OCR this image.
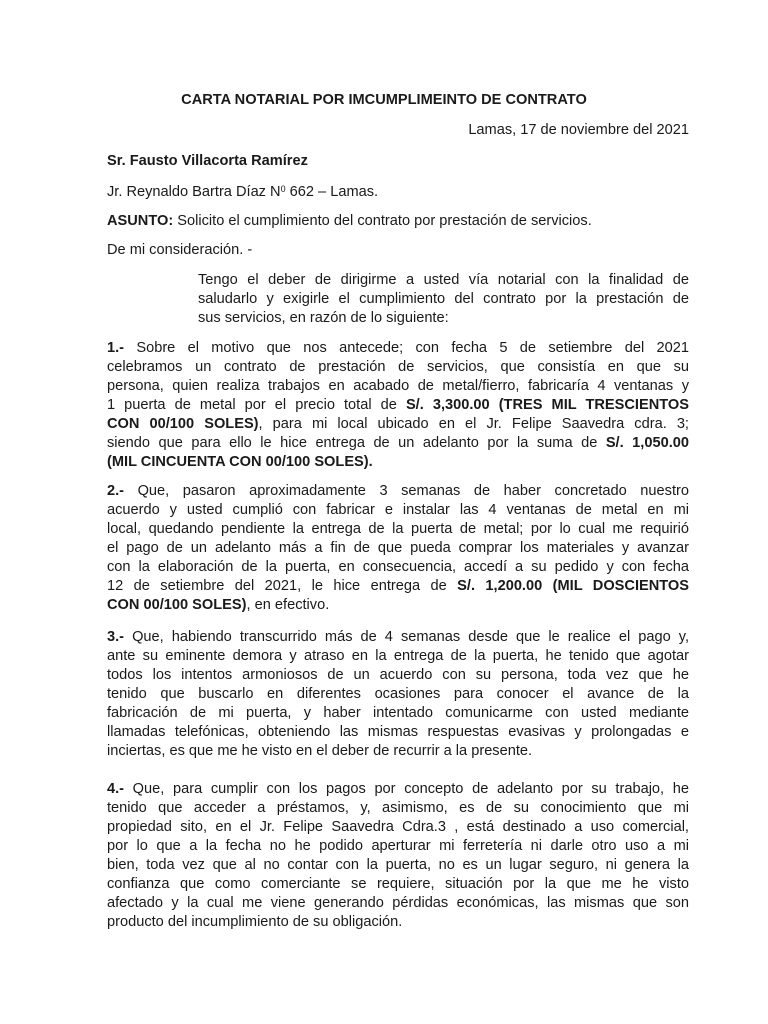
CARTA NOTARIAL POR IMCUMPLIMEINTO DE CONTRATO
Lamas, 17 de noviembre del 2021
Sr. Fausto Villacorta Ramírez
Jr. Reynaldo Bartra Díaz $N^0$ 662 – Lamas.
ASUNTO: Solicito el cumplimiento del contrato por prestación de servicios.
De mi consideración. -
Tengo el deber de dirigirme a usted vía notarial con la finalidad de
saludarlo y exigirle el cumplimiento del contrato por la prestación de
sus servicios, en razón de lo siguiente:
1.- Sobre el motivo que nos antecede; con fecha 5 de setiembre del 2021
celebramos un contrato de prestación de servicios, que consistía en que su
persona, quien realiza trabajos en acabado de metal/fierro, fabricaría 4 ventanas y
1 puerta de metal por el precio total de S/. 3,300.00 (TRES MIL TRESCIENTOS
CON 00/100 SOLES), para mi local ubicado en el Jr. Felipe Saavedra cdra. 3;
siendo que para ello le hice entrega de un adelanto por la suma de S/. 1,050.00
(MIL CINCUENTA CON 00/100 SOLES).
2.- Que, pasaron aproximadamente 3 semanas de haber concretado nuestro
acuerdo y usted cumplió con fabricar e instalar las 4 ventanas de metal en mi
local, quedando pendiente la entrega de la puerta de metal; por lo cual me requirió
el pago de un adelanto más a fin de que pueda comprar los materiales y avanzar
con la elaboración de la puerta, en consecuencia, accedí a su pedido y con fecha
12 de setiembre del 2021, le hice entrega de S/. 1,200.00 (MIL DOSCIENTOS
CON 00/100 SOLES), en efectivo.
3.- Que, habiendo transcurrido más de 4 semanas desde que le realice el pago y,
ante su eminente demora y atraso en la entrega de la puerta, he tenido que agotar
todos los intentos armoniosos de un acuerdo con su persona, toda vez que he
tenido que buscarlo en diferentes ocasiones para conocer el avance de la
fabricación de mi puerta, y haber intentado comunicarme con usted mediante
llamadas telefónicas, obteniendo las mismas respuestas evasivas y prolongadas e
inciertas, es que me he visto en el deber de recurrir a la presente.
4.- Que, para cumplir con los pagos por concepto de adelanto por su trabajo, he
tenido que acceder a préstamos, y, asimismo, es de su conocimiento que mi
propiedad sito, en el Jr. Felipe Saavedra Cdra.3 , está destinado a uso comercial,
por lo que a la fecha no he podido aperturar mi ferretería ni darle otro uso a mi
bien, toda vez que al no contar con la puerta, no es un lugar seguro, ni genera la
confianza que como comerciante se requiere, situación por la que me he visto
afectado y la cual me viene generando pérdidas económicas, las mismas que son
producto del incumplimiento de su obligación.
